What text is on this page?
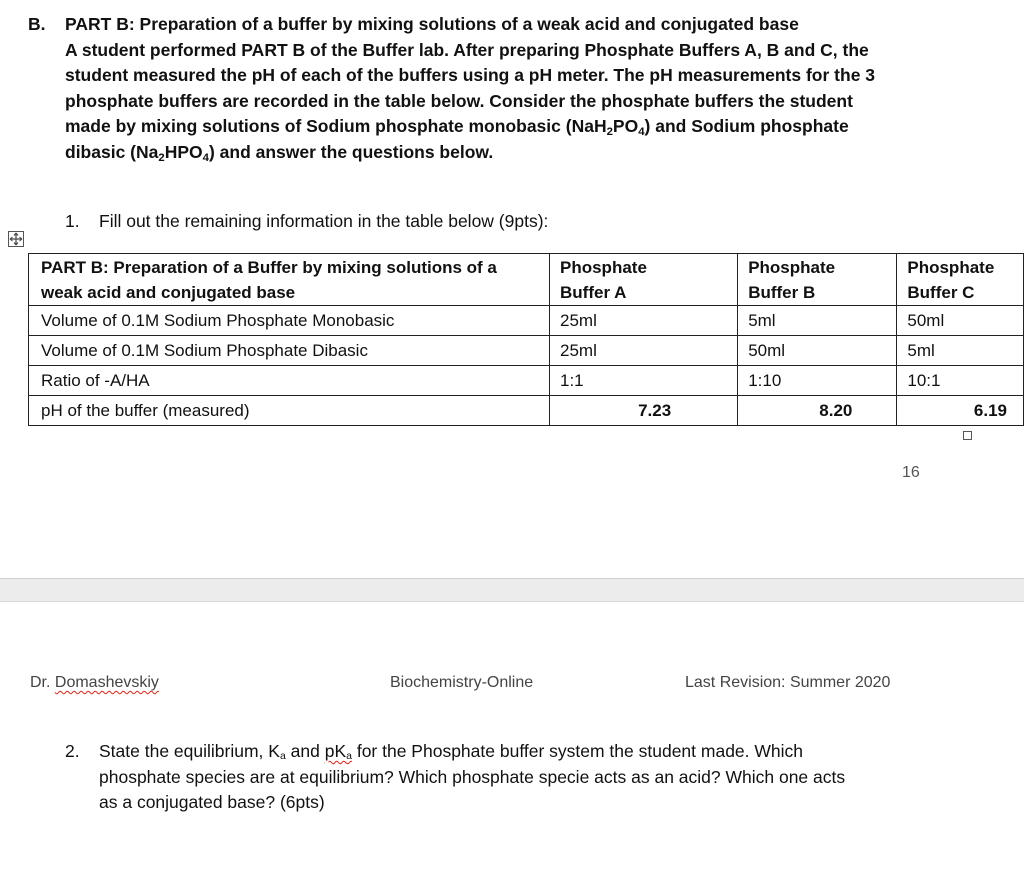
B. PART B: Preparation of a buffer by mixing solutions of a weak acid and conjugated base
A student performed PART B of the Buffer lab. After preparing Phosphate Buffers A, B and C, the
student measured the pH of each of the buffers using a pH meter. The pH measurements for the 3
phosphate buffers are recorded in the table below. Consider the phosphate buffers the student
made by mixing solutions of Sodium phosphate monobasic $(NaH_2PO_4)$ and Sodium phosphate
dibasic $(Na_2HPO_4)$ and answer the questions below.
1. Fill out the remaining information in the table below (9pts):
PART B: Preparation of a Buffer by mixing solutions of a
weak acid and conjugated base	Phosphate
Buffer A	Phosphate
Buffer B	Phosphate
Buffer C
Volume of 0.1M Sodium Phosphate Monobasic	25ml	5ml	50ml
Volume of 0.1M Sodium Phosphate Dibasic	25ml	50ml	5ml
Ratio of -A/HA	1:1	1:10	10:1
pH of the buffer (measured)	7.23	8.20	6.19
16
Dr. Domashevskiy	Biochemistry-Online	Last Revision: Summer 2020
2. State the equilibrium, $K_a$ and $pK_a$ for the Phosphate buffer system the student made. Which
phosphate species are at equilibrium? Which phosphate specie acts as an acid? Which one acts
as a conjugated base? (6pts)
